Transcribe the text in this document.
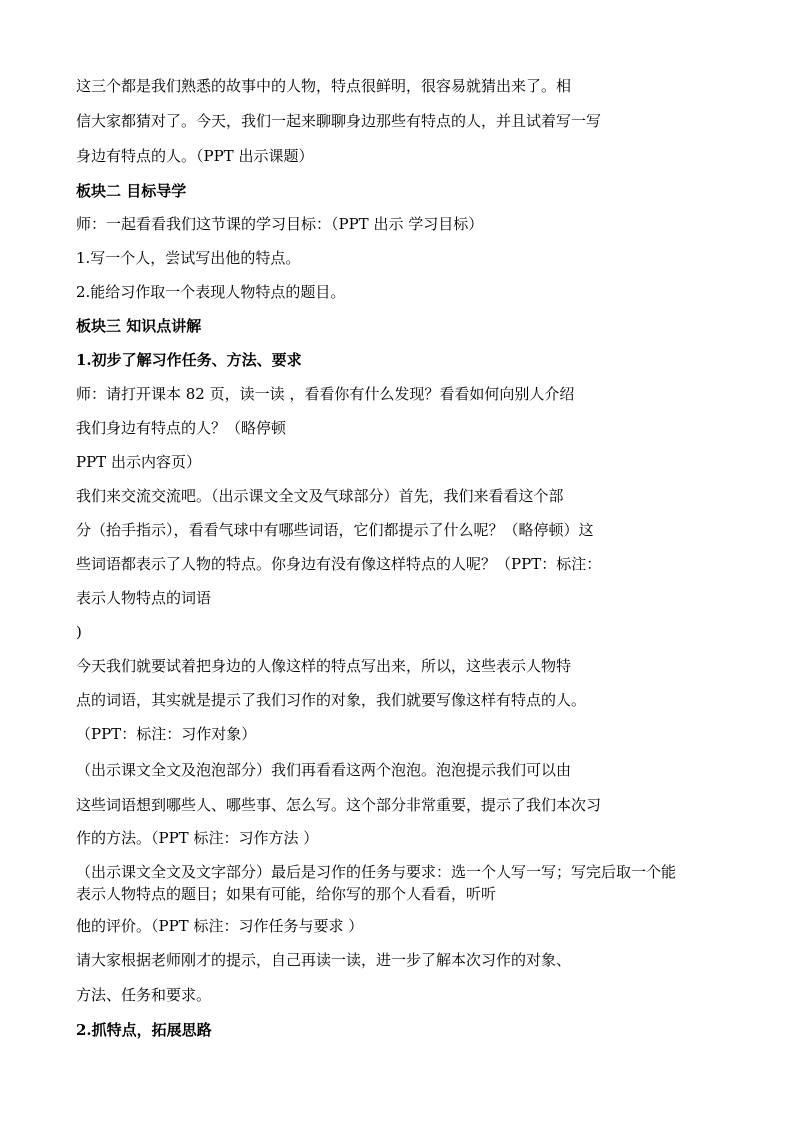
这三个都是我们熟悉的故事中的人物，特点很鲜明，很容易就猜出来了。相
信大家都猜对了。今天，我们一起来聊聊身边那些有特点的人，并且试着写一写
身边有特点的人。（PPT 出示课题）
板块二 目标导学
师：一起看看我们这节课的学习目标：（PPT 出示 学习目标）
1.写一个人，尝试写出他的特点。
2.能给习作取一个表现人物特点的题目。
板块三 知识点讲解
1.初步了解习作任务、方法、要求
师：请打开课本 82 页，读一读 ，看看你有什么发现？看看如何向别人介绍
我们身边有特点的人？（略停顿
PPT 出示内容页）
我们来交流交流吧。（出示课文全文及气球部分）首先，我们来看看这个部
分（抬手指示），看看气球中有哪些词语，它们都提示了什么呢？（略停顿）这
些词语都表示了人物的特点。你身边有没有像这样特点的人呢？（PPT：标注：
表示人物特点的词语
)
今天我们就要试着把身边的人像这样的特点写出来，所以，这些表示人物特
点的词语，其实就是提示了我们习作的对象，我们就要写像这样有特点的人。
（PPT：标注：习作对象）
（出示课文全文及泡泡部分）我们再看看这两个泡泡。泡泡提示我们可以由
这些词语想到哪些人、哪些事、怎么写。这个部分非常重要，提示了我们本次习
作的方法。（PPT 标注：习作方法 ）
（出示课文全文及文字部分）最后是习作的任务与要求：选一个人写一写；写完后取一个能
表示人物特点的题目；如果有可能，给你写的那个人看看，听听
他的评价。（PPT 标注：习作任务与要求 ）
请大家根据老师刚才的提示，自己再读一读，进一步了解本次习作的对象、
方法、任务和要求。
2.抓特点，拓展思路
